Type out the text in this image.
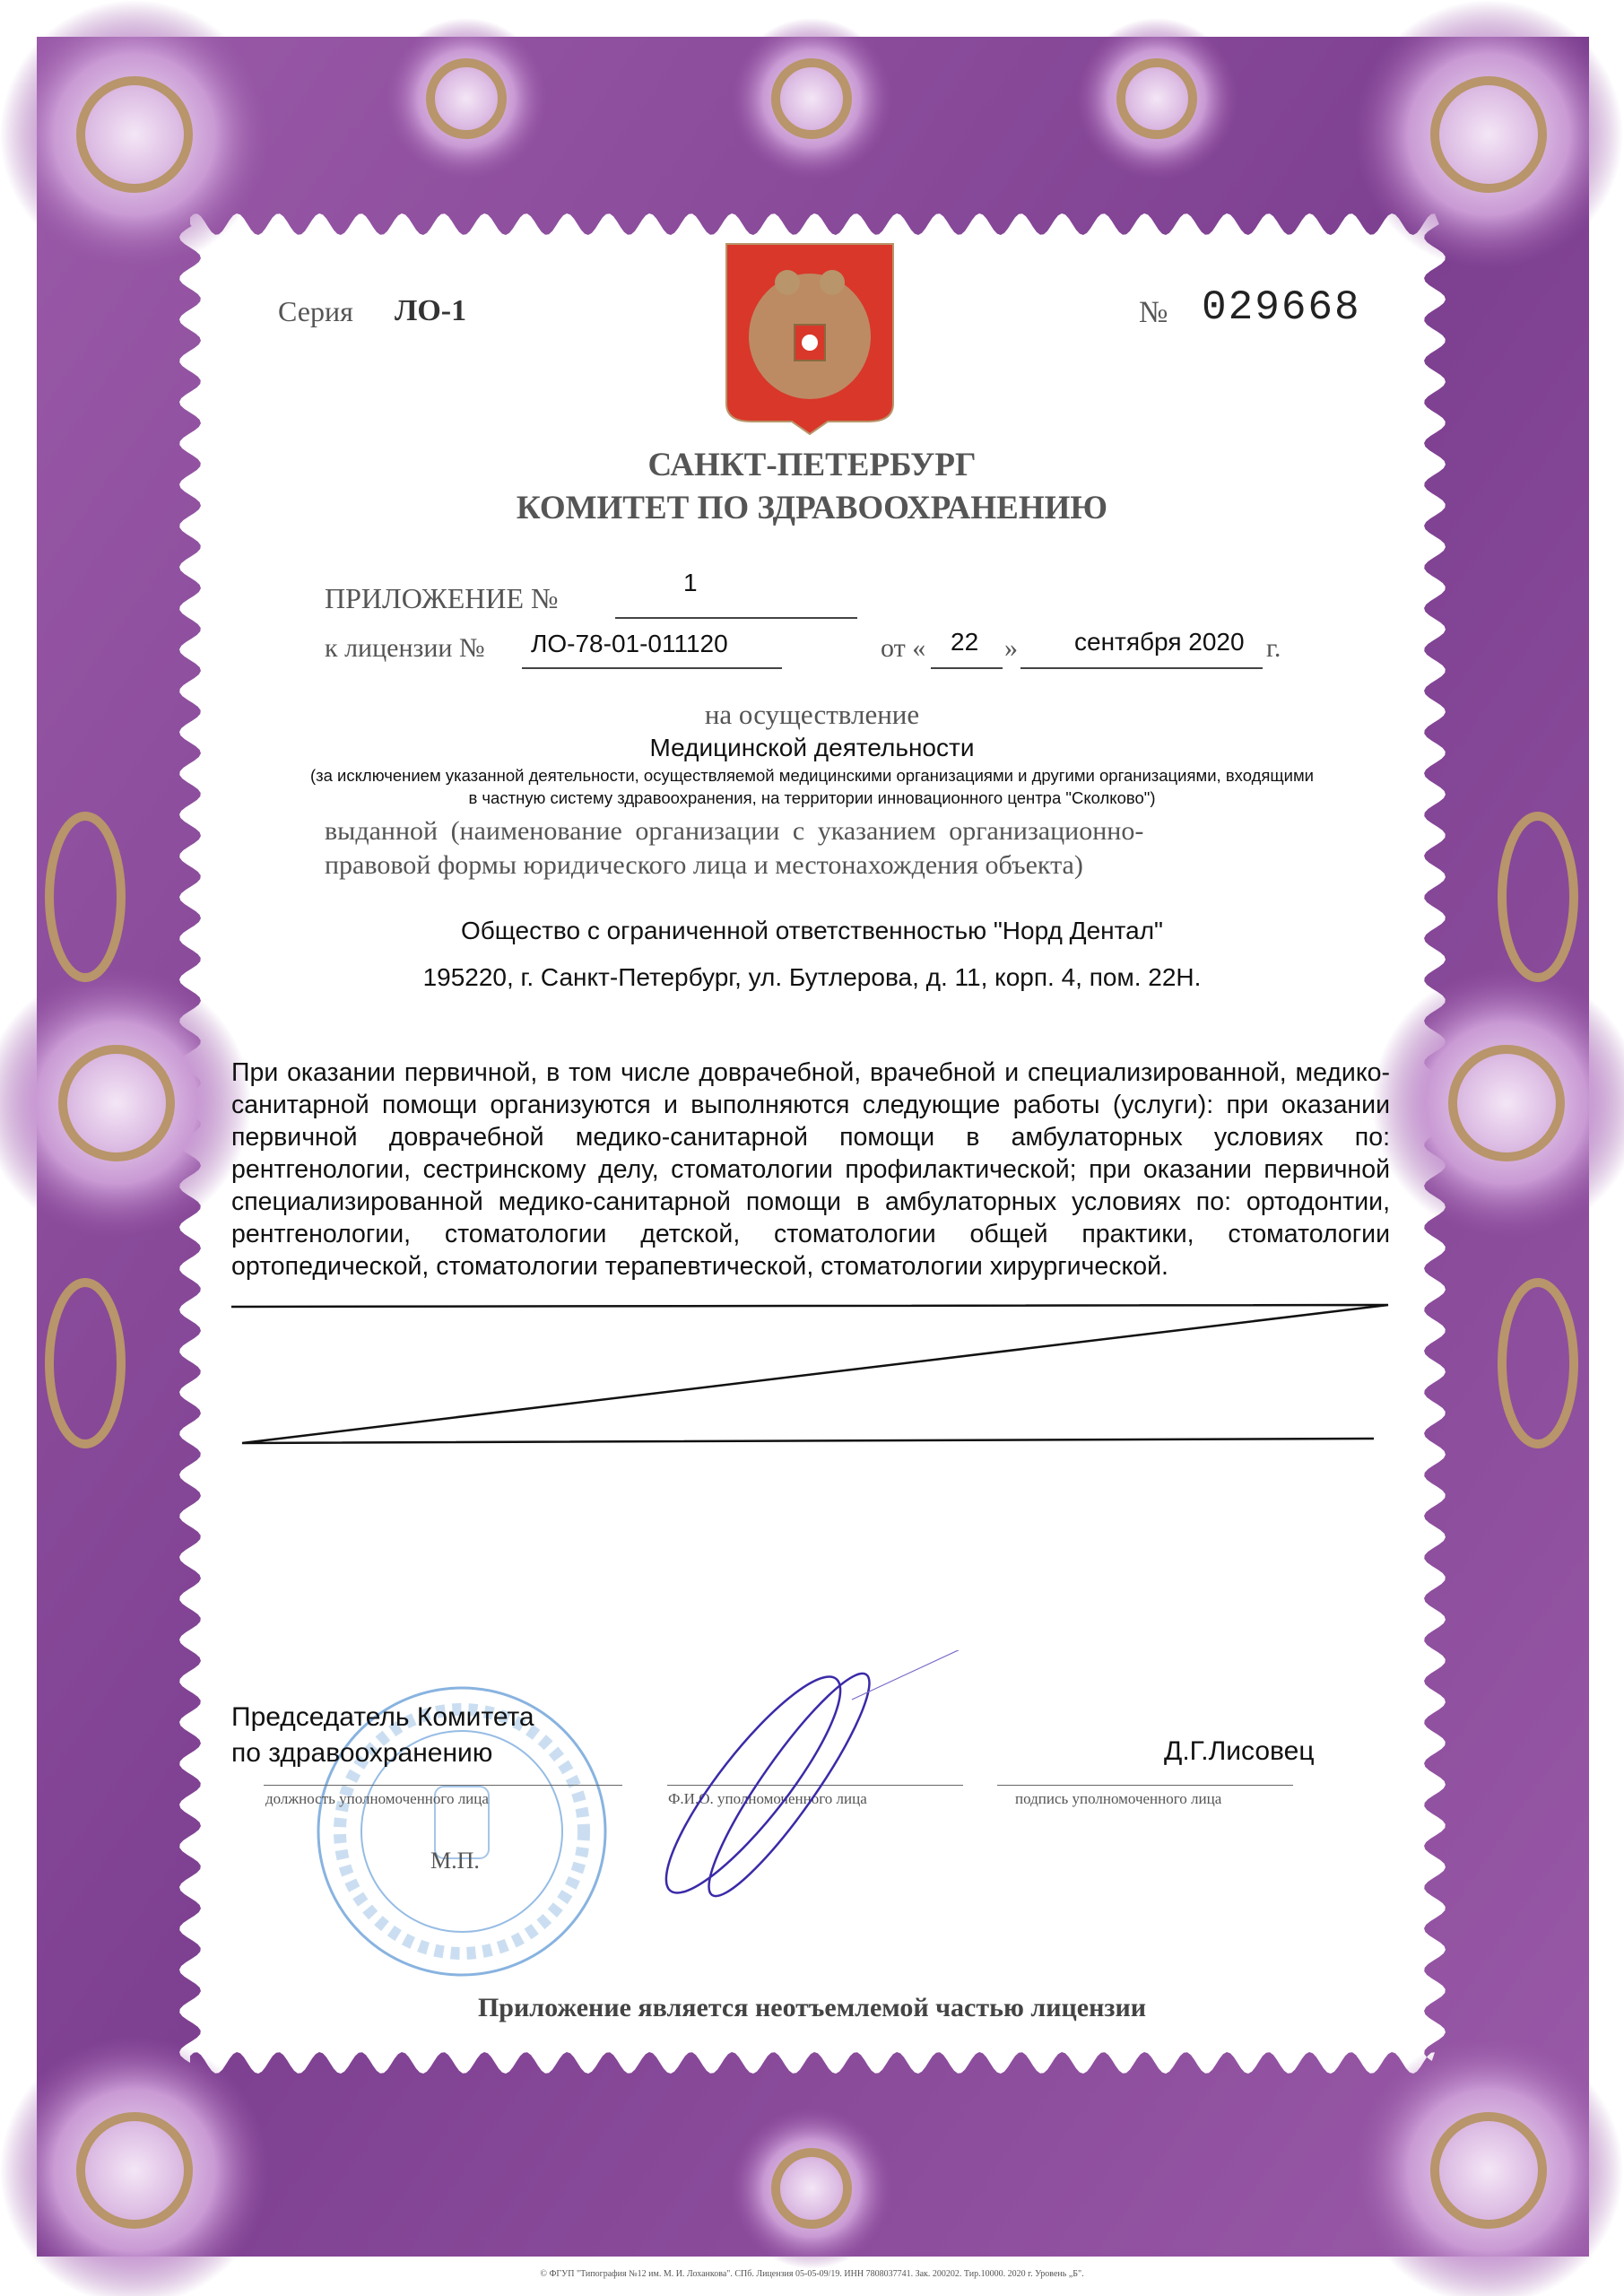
Серия ЛО-1	№ 029668
САНКТ-ПЕТЕРБУРГ
КОМИТЕТ ПО ЗДРАВООХРАНЕНИЮ
ПРИЛОЖЕНИЕ №	1
к лицензии № ЛО-78-01-011120	от « 22 » сентября 2020 г.
на осуществление
Медицинской деятельности
(за исключением указанной деятельности, осуществляемой медицинскими организациями и другими организациями, входящими
в частную систему здравоохранения, на территории инновационного центра "Сколково")
выданной (наименование организации с указанием организационно-
правовой формы юридического лица и местонахождения объекта)
Общество с ограниченной ответственностью "Норд Дентал"
195220, г. Санкт-Петербург, ул. Бутлерова, д. 11, корп. 4, пом. 22Н.
При оказании первичной, в том числе доврачебной, врачебной и специализированной, медико-санитарной помощи организуются и выполняются следующие работы (услуги): при оказании первичной доврачебной медико-санитарной помощи в амбулаторных условиях по: рентгенологии, сестринскому делу, стоматологии профилактической; при оказании первичной специализированной медико-санитарной помощи в амбулаторных условиях по: ортодонтии, рентгенологии, стоматологии детской, стоматологии общей практики, стоматологии ортопедической, стоматологии терапевтической, стоматологии хирургической.
Председатель Комитета
по здравоохранению	Д.Г.Лисовец
должность уполномоченного лица	Ф.И.О. уполномоченного лица	подпись уполномоченного лица
М.П.
Приложение является неотъемлемой частью лицензии
© ФГУП "Типография №12 им. М. И. Лоханкова". СПб. Лицензия 05-05-09/19. ИНН 7808037741. Зак. 200202. Тир.10000. 2020 г. Уровень „Б".
